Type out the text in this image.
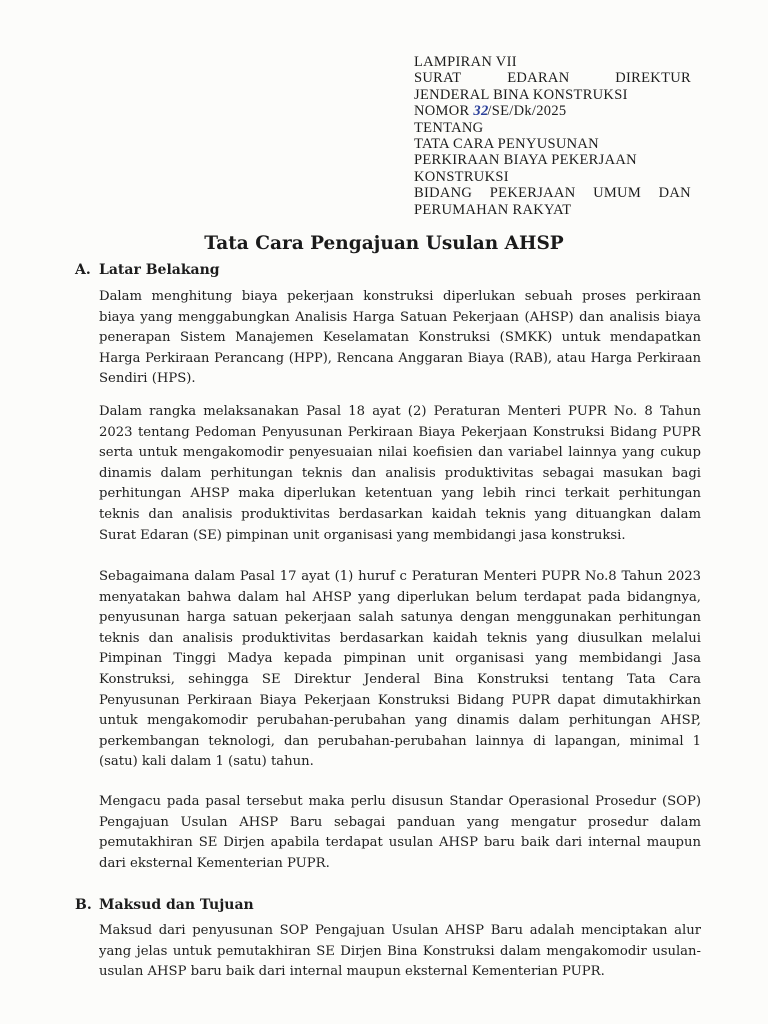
LAMPIRAN VII
SURAT	EDARAN	DIREKTUR
JENDERAL BINA KONSTRUKSI
NOMOR 32/SE/Dk/2025
TENTANG
TATA CARA PENYUSUNAN
PERKIRAAN BIAYA PEKERJAAN
KONSTRUKSI
BIDANG PEKERJAAN UMUM DAN
PERUMAHAN RAKYAT
Tata Cara Pengajuan Usulan AHSP
A. Latar Belakang
Dalam menghitung biaya pekerjaan konstruksi diperlukan sebuah proses perkiraan
biaya yang menggabungkan Analisis Harga Satuan Pekerjaan (AHSP) dan analisis biaya
penerapan Sistem Manajemen Keselamatan Konstruksi (SMKK) untuk mendapatkan
Harga Perkiraan Perancang (HPP), Rencana Anggaran Biaya (RAB), atau Harga Perkiraan
Sendiri (HPS).
Dalam rangka melaksanakan Pasal 18 ayat (2) Peraturan Menteri PUPR No. 8 Tahun
2023 tentang Pedoman Penyusunan Perkiraan Biaya Pekerjaan Konstruksi Bidang PUPR
serta untuk mengakomodir penyesuaian nilai koefisien dan variabel lainnya yang cukup
dinamis dalam perhitungan teknis dan analisis produktivitas sebagai masukan bagi
perhitungan AHSP maka diperlukan ketentuan yang lebih rinci terkait perhitungan
teknis dan analisis produktivitas berdasarkan kaidah teknis yang dituangkan dalam
Surat Edaran (SE) pimpinan unit organisasi yang membidangi jasa konstruksi.
Sebagaimana dalam Pasal 17 ayat (1) huruf c Peraturan Menteri PUPR No.8 Tahun 2023
menyatakan bahwa dalam hal AHSP yang diperlukan belum terdapat pada bidangnya,
penyusunan harga satuan pekerjaan salah satunya dengan menggunakan perhitungan
teknis dan analisis produktivitas berdasarkan kaidah teknis yang diusulkan melalui
Pimpinan Tinggi Madya kepada pimpinan unit organisasi yang membidangi Jasa
Konstruksi, sehingga SE Direktur Jenderal Bina Konstruksi tentang Tata Cara
Penyusunan Perkiraan Biaya Pekerjaan Konstruksi Bidang PUPR dapat dimutakhirkan
untuk mengakomodir perubahan-perubahan yang dinamis dalam perhitungan AHSP,
perkembangan teknologi, dan perubahan-perubahan lainnya di lapangan, minimal 1
(satu) kali dalam 1 (satu) tahun.
Mengacu pada pasal tersebut maka perlu disusun Standar Operasional Prosedur (SOP)
Pengajuan Usulan AHSP Baru sebagai panduan yang mengatur prosedur dalam
pemutakhiran SE Dirjen apabila terdapat usulan AHSP baru baik dari internal maupun
dari eksternal Kementerian PUPR.
B. Maksud dan Tujuan
Maksud dari penyusunan SOP Pengajuan Usulan AHSP Baru adalah menciptakan alur
yang jelas untuk pemutakhiran SE Dirjen Bina Konstruksi dalam mengakomodir usulan-
usulan AHSP baru baik dari internal maupun eksternal Kementerian PUPR.
